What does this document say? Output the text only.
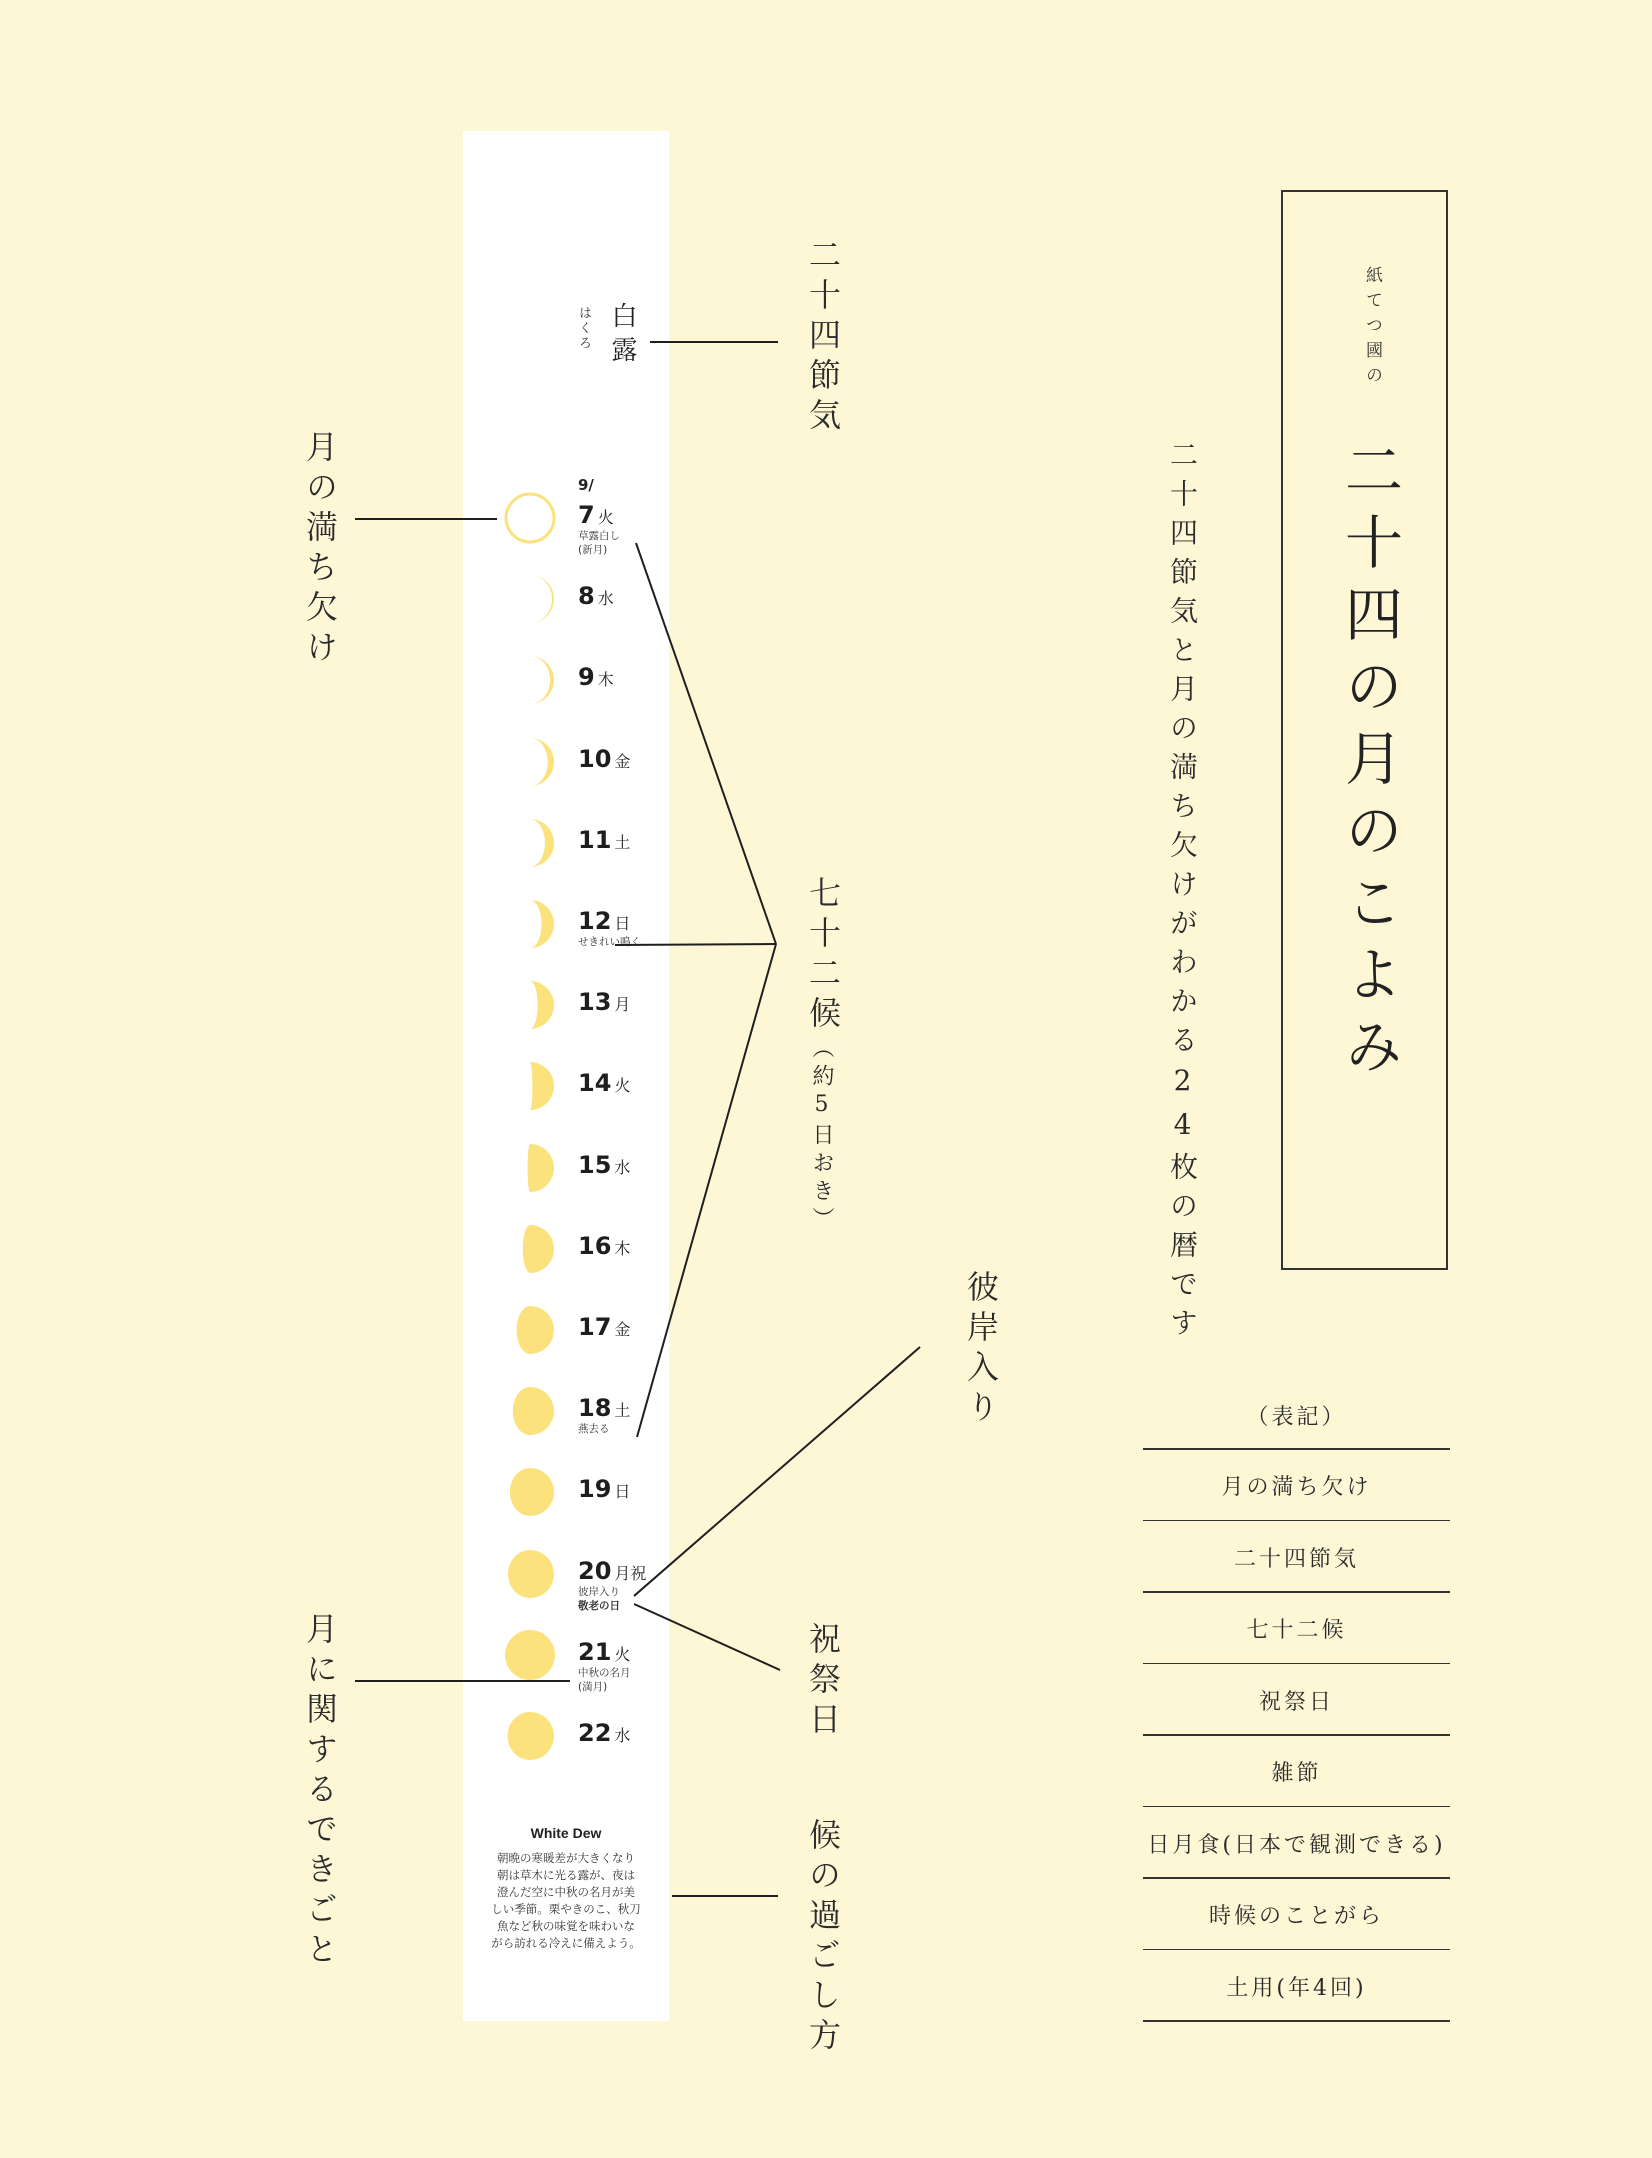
白露
はくろ
9/
7 火
草露白し
(新月)
8 水
9 木
10 金
11 土
12 日
せきれい鳴く
13 月
14 火
15 水
16 木
17 金
18 土
燕去る
19 日
20 月祝
彼岸入り
敬老の日
21 火
中秋の名月
(満月)
22 水
White Dew
朝晩の寒暖差が大きくなり
朝は草木に光る露が、夜は
澄んだ空に中秋の名月が美
しい季節。栗やきのこ、秋刀
魚など秋の味覚を味わいな
がら訪れる冷えに備えよう。
二十四節気
月の満ち欠け
七十二候
（約5日おき）
彼岸入り
祝祭日
月に関するできごと	候の過ごし方
紙てつ國の
二十四の月のこよみ
二十四節気と月の満ち欠けがわかる24枚の暦です
（表記）
月の満ち欠け
二十四節気
七十二候
祝祭日
雑節
日月食(日本で観測できる)
時候のことがら
土用(年4回)
